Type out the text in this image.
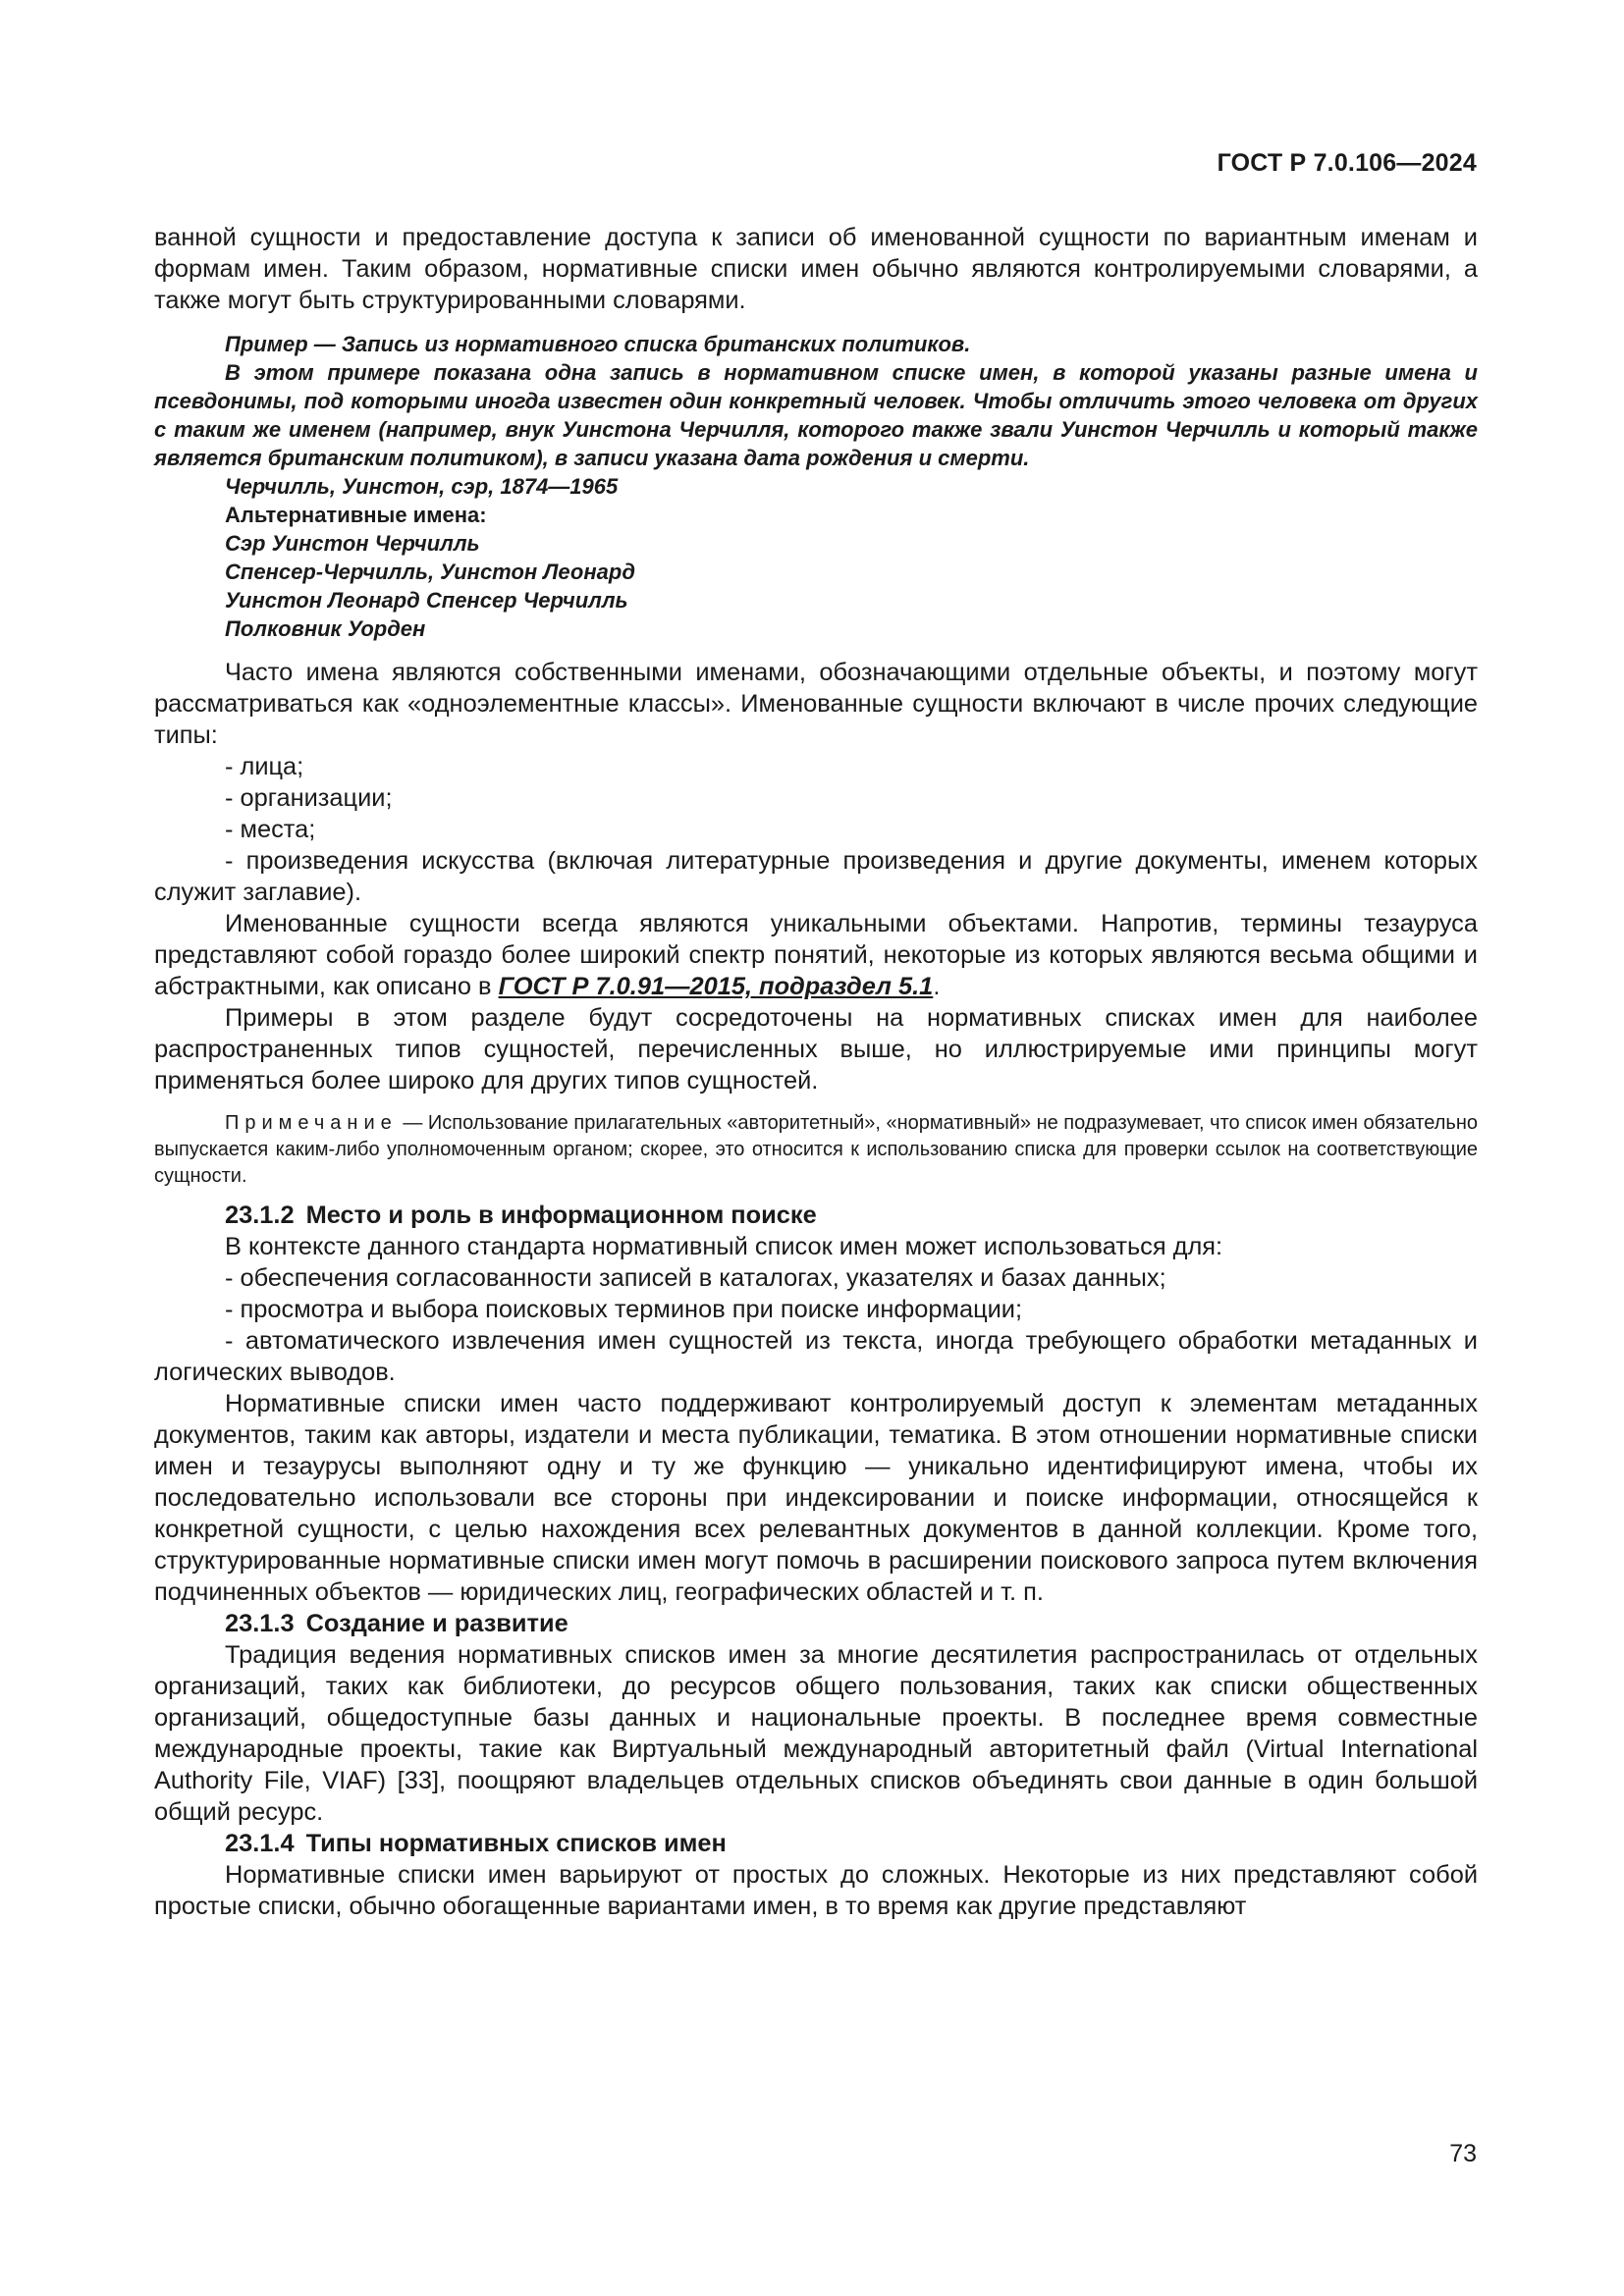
ГОСТ Р 7.0.106—2024

ванной сущности и предоставление доступа к записи об именованной сущности по вариантным именам и формам имен. Таким образом, нормативные списки имен обычно являются контролируемыми словарями, а также могут быть структурированными словарями.

Пример — Запись из нормативного списка британских политиков.
В этом примере показана одна запись в нормативном списке имен, в которой указаны разные имена и псевдонимы, под которыми иногда известен один конкретный человек. Чтобы отличить этого человека от других с таким же именем (например, внук Уинстона Черчилля, которого также звали Уинстон Черчилль и который также является британским политиком), в записи указана дата рождения и смерти.
Черчилль, Уинстон, сэр, 1874—1965
Альтернативные имена:
Сэр Уинстон Черчилль
Спенсер-Черчилль, Уинстон Леонард
Уинстон Леонард Спенсер Черчилль
Полковник Уорден

Часто имена являются собственными именами, обозначающими отдельные объекты, и поэтому могут рассматриваться как «одноэлементные классы». Именованные сущности включают в числе прочих следующие типы:

- лица;

- организации;

- места;

- произведения искусства (включая литературные произведения и другие документы, именем которых служит заглавие).

Именованные сущности всегда являются уникальными объектами. Напротив, термины тезауруса представляют собой гораздо более широкий спектр понятий, некоторые из которых являются весьма общими и абстрактными, как описано в ГОСТ Р 7.0.91—2015, подраздел 5.1.

Примеры в этом разделе будут сосредоточены на нормативных списках имен для наиболее распространенных типов сущностей, перечисленных выше, но иллюстрируемые ими принципы могут применяться более широко для других типов сущностей.

Примечание — Использование прилагательных «авторитетный», «нормативный» не подразумевает, что список имен обязательно выпускается каким-либо уполномоченным органом; скорее, это относится к использованию списка для проверки ссылок на соответствующие сущности.

23.1.2 Место и роль в информационном поиске

В контексте данного стандарта нормативный список имен может использоваться для:

- обеспечения согласованности записей в каталогах, указателях и базах данных;

- просмотра и выбора поисковых терминов при поиске информации;

- автоматического извлечения имен сущностей из текста, иногда требующего обработки метаданных и логических выводов.

Нормативные списки имен часто поддерживают контролируемый доступ к элементам метаданных документов, таким как авторы, издатели и места публикации, тематика. В этом отношении нормативные списки имен и тезаурусы выполняют одну и ту же функцию — уникально идентифицируют имена, чтобы их последовательно использовали все стороны при индексировании и поиске информации, относящейся к конкретной сущности, с целью нахождения всех релевантных документов в данной коллекции. Кроме того, структурированные нормативные списки имен могут помочь в расширении поискового запроса путем включения подчиненных объектов — юридических лиц, географических областей и т. п.

23.1.3 Создание и развитие

Традиция ведения нормативных списков имен за многие десятилетия распространилась от отдельных организаций, таких как библиотеки, до ресурсов общего пользования, таких как списки общественных организаций, общедоступные базы данных и национальные проекты. В последнее время совместные международные проекты, такие как Виртуальный международный авторитетный файл (Virtual International Authority File, VIAF) [33], поощряют владельцев отдельных списков объединять свои данные в один большой общий ресурс.

23.1.4 Типы нормативных списков имен

Нормативные списки имен варьируют от простых до сложных. Некоторые из них представляют собой простые списки, обычно обогащенные вариантами имен, в то время как другие представляют

73
